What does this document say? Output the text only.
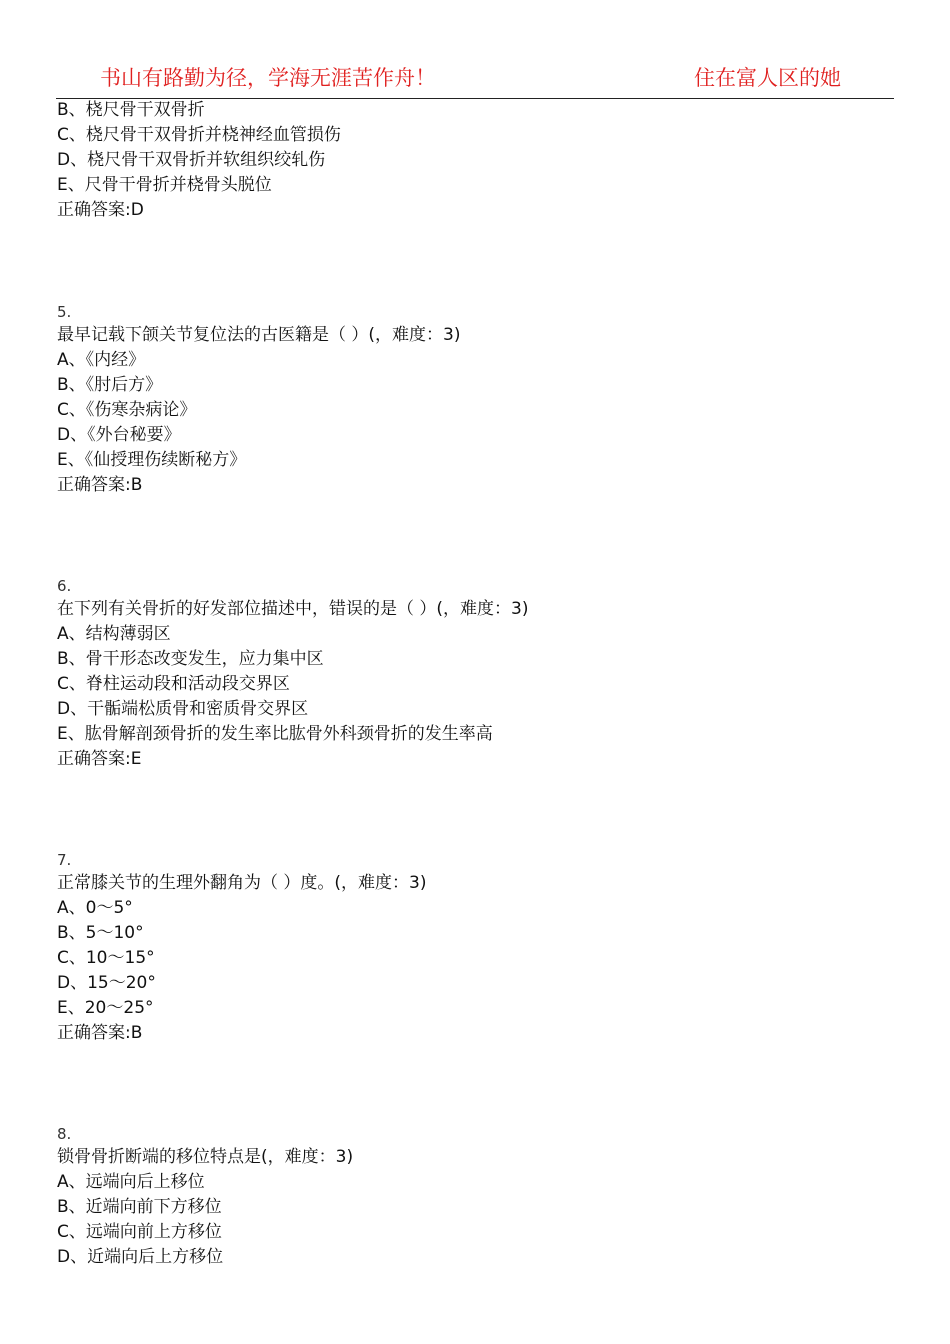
书山有路勤为径，学海无涯苦作舟！	住在富人区的她
B、桡尺骨干双骨折
C、桡尺骨干双骨折并桡神经血管损伤
D、桡尺骨干双骨折并软组织绞轧伤
E、尺骨干骨折并桡骨头脱位
正确答案:D
5.
最早记载下颌关节复位法的古医籍是（ ）(，难度：3)
A、《内经》
B、《肘后方》
C、《伤寒杂病论》
D、《外台秘要》
E、《仙授理伤续断秘方》
正确答案:B
6.
在下列有关骨折的好发部位描述中，错误的是（ ）(，难度：3)
A、结构薄弱区
B、骨干形态改变发生，应力集中区
C、脊柱运动段和活动段交界区
D、干骺端松质骨和密质骨交界区
E、肱骨解剖颈骨折的发生率比肱骨外科颈骨折的发生率高
正确答案:E
7.
正常膝关节的生理外翻角为（ ）度。(，难度：3)
A、0～5°
B、5～10°
C、10～15°
D、15～20°
E、20～25°
正确答案:B
8.
锁骨骨折断端的移位特点是(，难度：3)
A、远端向后上移位
B、近端向前下方移位
C、远端向前上方移位
D、近端向后上方移位
